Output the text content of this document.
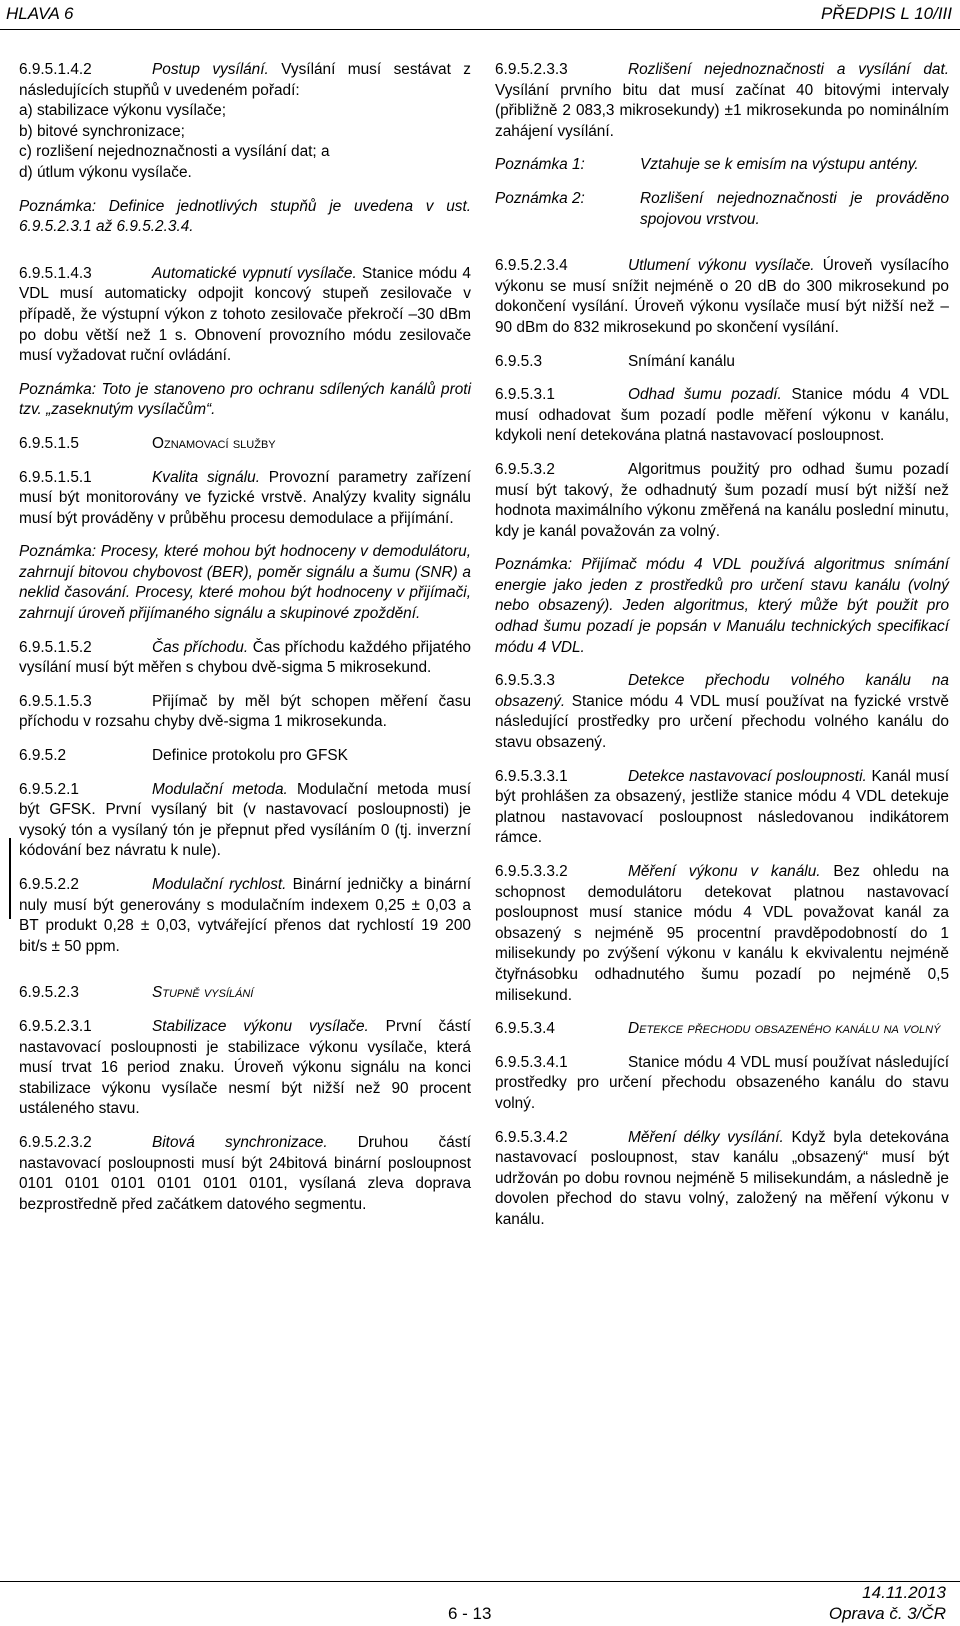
HLAVA 6	PŘEDPIS L 10/III

6.9.5.1.4.2	Postup vysílání. Vysílání musí sestávat z následujících stupňů v uvedeném pořadí:

a) stabilizace výkonu vysílače;

b) bitové synchronizace;

c) rozlišení nejednoznačnosti a vysílání dat; a

d) útlum výkonu vysílače.

Poznámka: Definice jednotlivých stupňů je uvedena v ust. 6.9.5.2.3.1 až 6.9.5.2.3.4.

6.9.5.1.4.3	Automatické vypnutí vysílače. Stanice módu 4 VDL musí automaticky odpojit koncový stupeň zesilovače v případě, že výstupní výkon z tohoto zesilovače překročí –30 dBm po dobu větší než 1 s. Obnovení provozního módu zesilovače musí vyžadovat ruční ovládání.

Poznámka: Toto je stanoveno pro ochranu sdílených kanálů proti tzv. „zaseknutým vysílačům“.

6.9.5.1.5	Oznamovací služby

6.9.5.1.5.1	Kvalita signálu. Provozní parametry zařízení musí být monitorovány ve fyzické vrstvě. Analýzy kvality signálu musí být prováděny v průběhu procesu demodulace a přijímání.

Poznámka: Procesy, které mohou být hodnoceny v demodulátoru, zahrnují bitovou chybovost (BER), poměr signálu a šumu (SNR) a neklid časování. Procesy, které mohou být hodnoceny v přijímači, zahrnují úroveň přijímaného signálu a skupinové zpoždění.

6.9.5.1.5.2	Čas příchodu. Čas příchodu každého přijatého vysílání musí být měřen s chybou dvě-sigma 5 mikrosekund.

6.9.5.1.5.3	Přijímač by měl být schopen měření času příchodu v rozsahu chyby dvě-sigma 1 mikrosekunda.

6.9.5.2	Definice protokolu pro GFSK

6.9.5.2.1	Modulační metoda. Modulační metoda musí být GFSK. První vysílaný bit (v nastavovací posloupnosti) je vysoký tón a vysílaný tón je přepnut před vysíláním 0 (tj. inverzní kódování bez návratu k nule).

6.9.5.2.2	Modulační rychlost. Binární jedničky a binární nuly musí být generovány s modulačním indexem 0,25 ± 0,03 a BT produkt 0,28 ± 0,03, vytvářející přenos dat rychlostí 19 200 bit/s ± 50 ppm.

6.9.5.2.3	Stupně vysílání

6.9.5.2.3.1	Stabilizace výkonu vysílače. První částí nastavovací posloupnosti je stabilizace výkonu vysílače, která musí trvat 16 period znaku. Úroveň výkonu signálu na konci stabilizace výkonu vysílače nesmí být nižší než 90 procent ustáleného stavu.

6.9.5.2.3.2	Bitová synchronizace. Druhou částí nastavovací posloupnosti musí být 24bitová binární posloupnost 0101 0101 0101 0101 0101 0101, vysílaná zleva doprava bezprostředně před začátkem datového segmentu.

6.9.5.2.3.3	Rozlišení nejednoznačnosti a vysílání dat. Vysílání prvního bitu dat musí začínat 40 bitovými intervaly (přibližně 2 083,3 mikrosekundy) ±1 mikrosekunda po nominálním zahájení vysílání.

Poznámka 1:	Vztahuje se k emisím na výstupu antény.
Poznámka 2:	Rozlišení nejednoznačnosti je prováděno spojovou vrstvou.

6.9.5.2.3.4	Utlumení výkonu vysílače. Úroveň vysílacího výkonu se musí snížit nejméně o 20 dB do 300 mikrosekund po dokončení vysílání. Úroveň výkonu vysílače musí být nižší než –90 dBm do 832 mikrosekund po skončení vysílání.

6.9.5.3	Snímání kanálu

6.9.5.3.1	Odhad šumu pozadí. Stanice módu 4 VDL musí odhadovat šum pozadí podle měření výkonu v kanálu, kdykoli není detekována platná nastavovací posloupnost.

6.9.5.3.2	Algoritmus použitý pro odhad šumu pozadí musí být takový, že odhadnutý šum pozadí musí být nižší než hodnota maximálního výkonu změřená na kanálu poslední minutu, kdy je kanál považován za volný.

Poznámka: Přijímač módu 4 VDL používá algoritmus snímání energie jako jeden z prostředků pro určení stavu kanálu (volný nebo obsazený). Jeden algoritmus, který může být použit pro odhad šumu pozadí je popsán v Manuálu technických specifikací módu 4 VDL.

6.9.5.3.3	Detekce přechodu volného kanálu na obsazený. Stanice módu 4 VDL musí používat na fyzické vrstvě následující prostředky pro určení přechodu volného kanálu do stavu obsazený.

6.9.5.3.3.1	Detekce nastavovací posloupnosti. Kanál musí být prohlášen za obsazený, jestliže stanice módu 4 VDL detekuje platnou nastavovací posloupnost následovanou indikátorem rámce.

6.9.5.3.3.2	Měření výkonu v kanálu. Bez ohledu na schopnost demodulátoru detekovat platnou nastavovací posloupnost musí stanice módu 4 VDL považovat kanál za obsazený s nejméně 95 procentní pravděpodobností do 1 milisekundy po zvýšení výkonu v kanálu k ekvivalentu nejméně čtyřnásobku odhadnutého šumu pozadí po nejméně 0,5 milisekund.

6.9.5.3.4	Detekce přechodu obsazeného kanálu na volný

6.9.5.3.4.1	Stanice módu 4 VDL musí používat následující prostředky pro určení přechodu obsazeného kanálu do stavu volný.

6.9.5.3.4.2	Měření délky vysílání. Když byla detekována nastavovací posloupnost, stav kanálu „obsazený“ musí být udržován po dobu rovnou nejméně 5 milisekundám, a následně je dovolen přechod do stavu volný, založený na měření výkonu v kanálu.

14.11.2013
6 - 13	Oprava č. 3/ČR
